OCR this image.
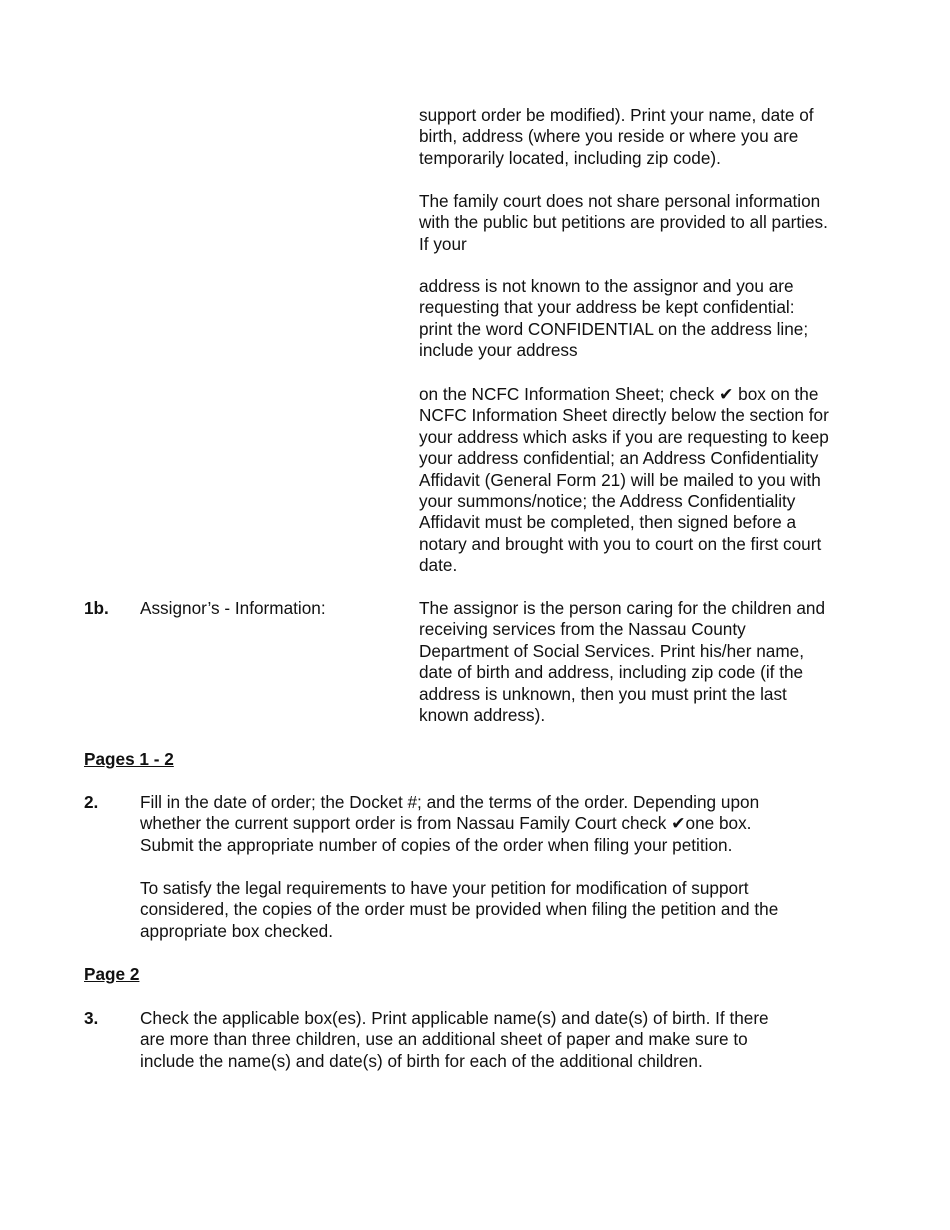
support order be modified). Print your name, date of
birth, address (where you reside or where you are
temporarily located, including zip code).

The family court does not share personal information
with the public but petitions are provided to all parties.
If your

address is not known to the assignor and you are
requesting that your address be kept confidential:
print the word CONFIDENTIAL on the address line;
include your address

on the NCFC Information Sheet; check ✔ box on the
NCFC Information Sheet directly below the section for
your address which asks if you are requesting to keep
your address confidential; an Address Confidentiality
Affidavit (General Form 21) will be mailed to you with
your summons/notice; the Address Confidentiality
Affidavit must be completed, then signed before a
notary and brought with you to court on the first court
date.

1b. Assignor’s - Information:	The assignor is the person caring for the children and
receiving services from the Nassau County
Department of Social Services. Print his/her name,
date of birth and address, including zip code (if the
address is unknown, then you must print the last
known address).

Pages 1 - 2
2. Fill in the date of order; the Docket #; and the terms of the order. Depending upon
whether the current support order is from Nassau Family Court check ✔one box.
Submit the appropriate number of copies of the order when filing your petition.

To satisfy the legal requirements to have your petition for modification of support
considered, the copies of the order must be provided when filing the petition and the
appropriate box checked.

Page 2
3. Check the applicable box(es). Print applicable name(s) and date(s) of birth. If there
are more than three children, use an additional sheet of paper and make sure to
include the name(s) and date(s) of birth for each of the additional children.
